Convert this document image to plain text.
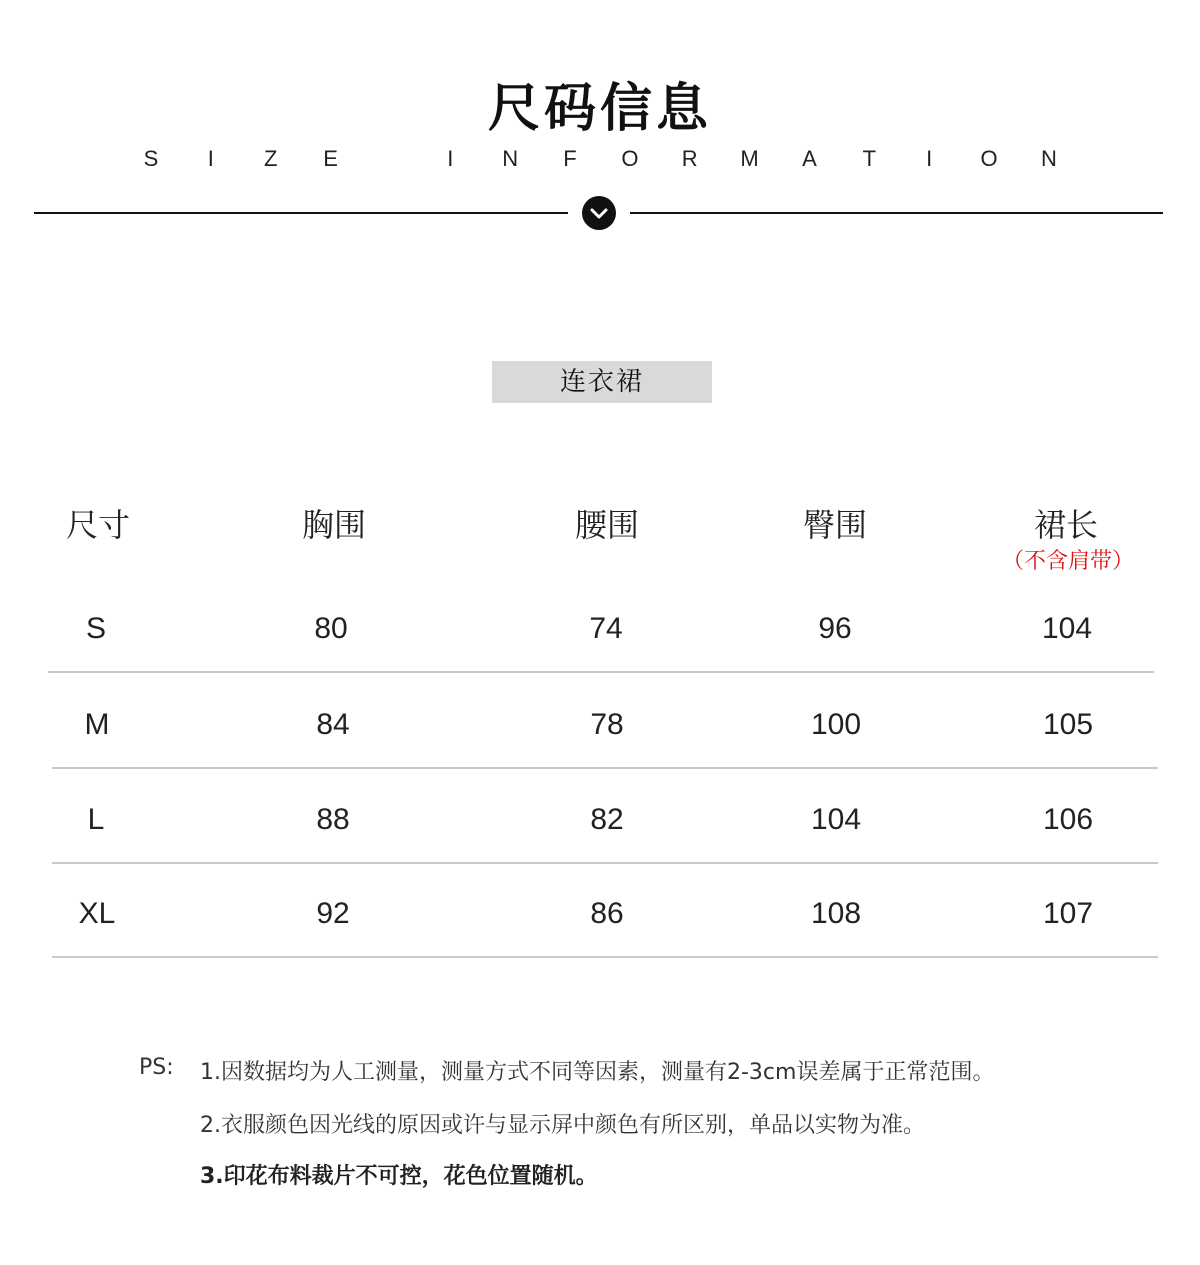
尺码信息
S	I	Z E	I	N F O R M A T	I	O N
连衣裙
尺寸	胸围	腰围	臀围	裙长
（不含肩带）
S	80	74	96	104
M	84	78	100	105
L	88	82	104	106
XL	92	86	108	107
PS: 1.因数据均为人工测量，测量方式不同等因素，测量有2-3cm误差属于正常范围。
2.衣服颜色因光线的原因或许与显示屏中颜色有所区别，单品以实物为准。
3.印花布料裁片不可控，花色位置随机。
